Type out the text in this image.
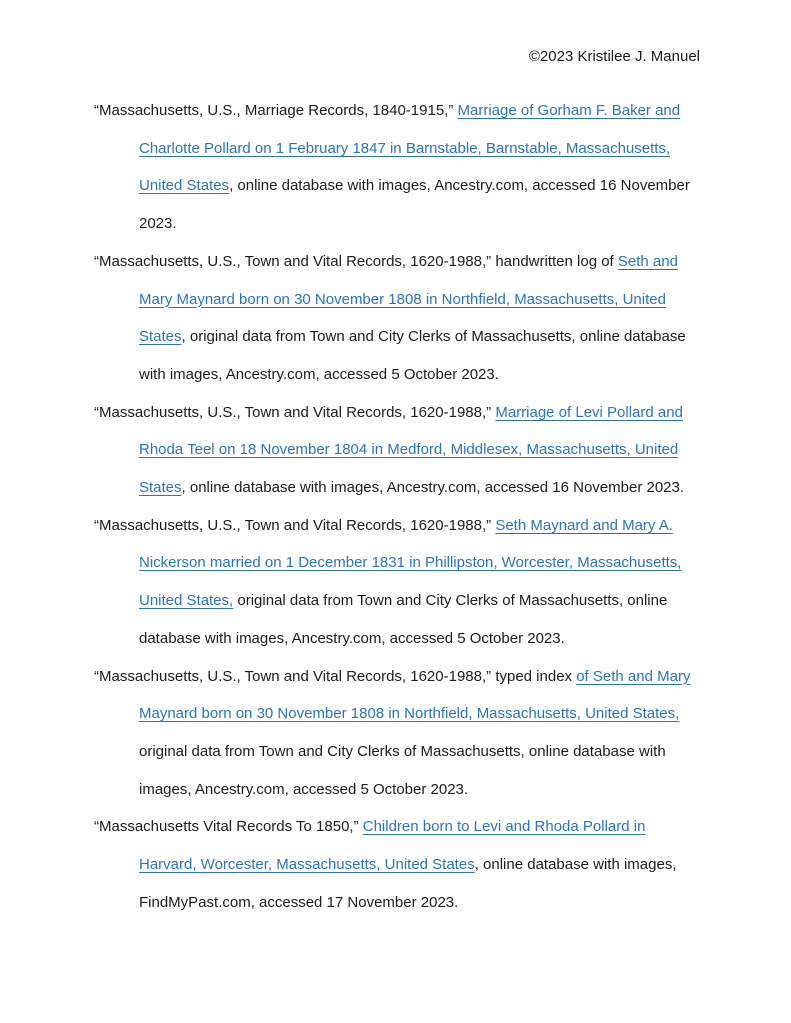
©2023 Kristilee J. Manuel

“Massachusetts, U.S., Marriage Records, 1840-1915,” Marriage of Gorham F. Baker and Charlotte Pollard on 1 February 1847 in Barnstable, Barnstable, Massachusetts, United States, online database with images, Ancestry.com, accessed 16 November 2023.

“Massachusetts, U.S., Town and Vital Records, 1620-1988,” handwritten log of Seth and Mary Maynard born on 30 November 1808 in Northfield, Massachusetts, United States, original data from Town and City Clerks of Massachusetts, online database with images, Ancestry.com, accessed 5 October 2023.

“Massachusetts, U.S., Town and Vital Records, 1620-1988,” Marriage of Levi Pollard and Rhoda Teel on 18 November 1804 in Medford, Middlesex, Massachusetts, United States, online database with images, Ancestry.com, accessed 16 November 2023.

“Massachusetts, U.S., Town and Vital Records, 1620-1988,” Seth Maynard and Mary A. Nickerson married on 1 December 1831 in Phillipston, Worcester, Massachusetts, United States, original data from Town and City Clerks of Massachusetts, online database with images, Ancestry.com, accessed 5 October 2023.

“Massachusetts, U.S., Town and Vital Records, 1620-1988,” typed index of Seth and Mary Maynard born on 30 November 1808 in Northfield, Massachusetts, United States, original data from Town and City Clerks of Massachusetts, online database with images, Ancestry.com, accessed 5 October 2023.

“Massachusetts Vital Records To 1850,” Children born to Levi and Rhoda Pollard in Harvard, Worcester, Massachusetts, United States, online database with images, FindMyPast.com, accessed 17 November 2023.
